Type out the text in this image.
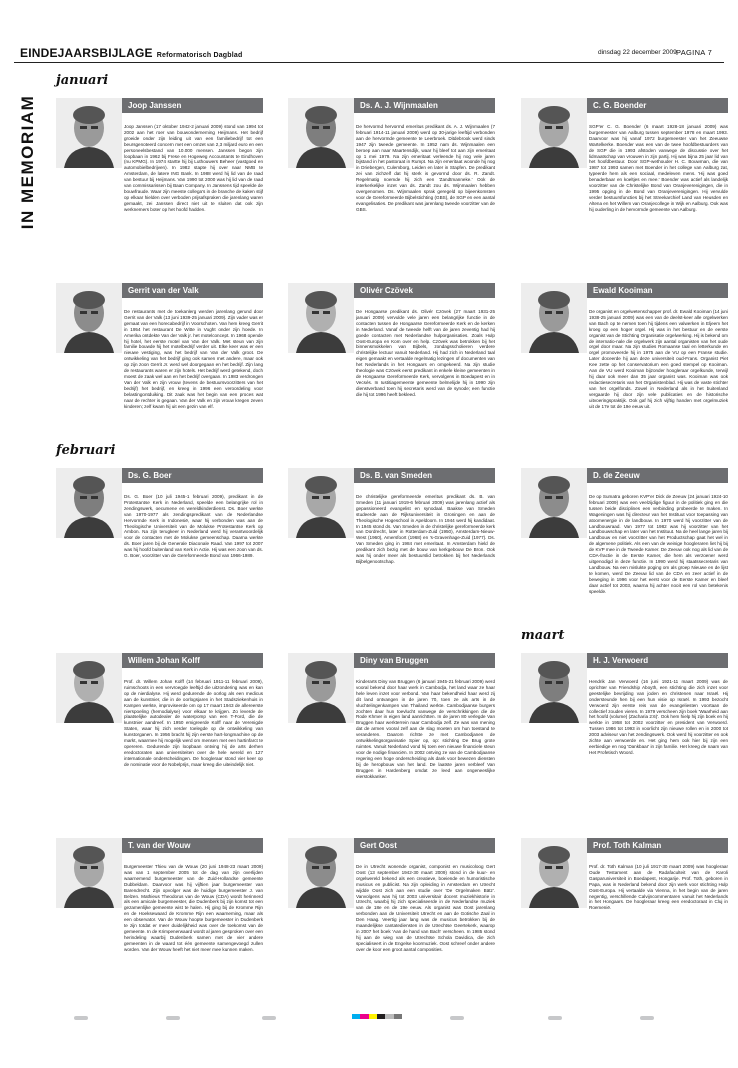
EINDEJAARSBIJLAGE Reformatorisch Dagblad	dinsdag 22 december 2009 PAGINA 7
IN MEMORIAM
januari
februari
maart
Joop Janssen
Joop Janssen (17 oktober 1942-2 januari 2009) stond van 1994 tot 2002 aan het roer van bouwonderneming Heijmans. Het bedrijf groeide onder zijn leiding uit van een familiebedrijf tot een beursgenoteerd concern met een omzet van 2,3 miljard euro en een personeelsbestand van 10.000 mensen. Janssen begon zijn loopbaan in 1962 bij Frese en Hogeweg Accountants te Eindhoven (nu KPMG). In 1974 startte hij bij Luthouwers Beheer (vastgoed en automobielbedrijven). In 1982 stapte hij over naar NMB te Amsterdam, de latere ING Bank. In 1988 werd hij lid van de raad van bestuur bij Heijmans. Van 1990 tot 2000 was hij lid van de raad van commissarissen bij Baan Company. In Janssens tijd speelde de bouwfraude. Waar zijn meeste collega's in de branche de kaken stijf op elkaar hielden over verboden prijsafspraken die jarenlang waren gemaakt, zei Janssen direct niet uit te sluiten dat ook zijn werknemers boter op het hoofd hadden.
Ds. A. J. Wijnmaalen
De hervormd hervormd emeritus predikant ds. A. J. Wijnmaalen (7 februari 1914-11 januari 2009) werd op 30-jarige leeftijd verbonden aan de hervormde gemeente te Leerbroek. Ditdebrook werd sinds 1947 zijn tweede gemeente. In 1952 nam ds. Wijnmaalen een beroep aan naar Maartensdijk, waar hij bleef tot aan zijn emeritaat op 1 mei 1979. Na zijn emeritaat verleende hij nog vele jaren bijstand in het pastoraat in Rumpt. Na zijn emeritaat woonde hij nog in Driebergen, Culemborg, Leiden en later in Stapfen. De predikant zei van zichzelf dat hij sterk is gevormd door ds. R. Zandt. Regelmatig noemde hij zich een 'Zandtmanneke.' Ook de interkerkelijke inzet van ds. Zandt zou ds. Wijnmaalen hebben overgenomen. Ds. Wijnmaalen sprak geregeld op bijeenkomsten voor de Gereformeerde Bijbelstichting (GBS), de SGP en een aantal evangelisaties. De predikant was jarenlang tweede voorzitter van de GBS.
C. G. Boender
SGP'er C. G. Boender (6 maart 1928-18 januari 2009) was burgemeester van Aalburg tussen september 1978 en maart 1993. Daarvoor was hij vanaf 1972 burgemeester van het Zeeuwse Wartelkerke. Boender was een van de twee hoofdbestuurders van de SGP die in 1993 afstoden vanwege de discussie over het lidmaatschap van vrouwen in zijn partij. Hij was bijna 25 jaar lid van het hoofdbestuur. Door SGP-wethouder H. C. Bouwman, die van 1987 tot 1993 samen met Boender in het college van Aalburg zat, typeerde hem als een sociaal, medeleven mens. 'Hij was goed benaderbaar en koeltjes en mee.' Boender was actief als landelijk voorzitter van de Christelijke Bond van Oranjeverenigingen, die in 1995 opging in de Bond van Oranjeverenigingen. Hij vervulde verder bestuursfuncties bij het Streekarchief Land van Heusden en Altena en het Willem van Oranjecollege in Wijk en Aalburg. Ook was hij ouderling in de hervormde gemeente van Aalburg.
Gerrit van der Valk
De restaurants met de toekanlerg werden jarenlang gerund door Gerrit van der Valk (13 juni 1939-25 januari 2009). Zijn vader was er gemaat van een horecabedrijf in Voorschoten. Van hem kreeg Gerrit in 1954 het restaurant De Witte in Vught onder zijn hoede. In Amerika ontdekte Van der Valk jr. het motelconcept. In 1968 opende hij hotel, het eerste motel van Van der Valk. Met steun van zijn familie bouwde hij het motelbedrijf verder uit. Elke keer was er een nieuwe vestiging, was het bedrijf van Van der Valk groot. De ontwikkeling van het bedrijf ging ook samen met andere, maar ook op zijn zoon Gerrit Jr. werd wel doorgegaan en het bedrijf. Zijn lang de restaurants waren er zijn hotels. Het bedrijf werd getekend, doch moest de zaak wel aan en het bedrijf overgaan. In 1983 verdrongen Van der Valk en zijn vrouw (tevens de bestuursvoorzitters van het bedrijf) het bedrijf, en kreeg in 1996 een veroordeling voor belastingontduiking. Dit zaak was het begin van een proces wat naar de rechter is gegaan. Van der Valk en zijn vrouw kregen zeven kinderen; zelf kwam hij uit een gezin van elf.
Olivér Czövek
De Hongaarse predikant ds. Olivér Czövek (27 maart 1931-25 januari 2009) vervulde vele jaren een belangrijke functie in de contacten tussen de Hongaarse Gereformeerde Kerk en de kerken in Nederland. Vanaf de tweede helft van de jaren zeventig had hij goede contacten met Nederlandse hulporganisaties. Zoals Hulp Oost-Europa en Kom over en help. Czövek was betrokken bij het binnensmokkelen van Bijbels, zondagsscholieren verdere christelijke lectuur vanuit Nederland. Hij had zich in Nederland taal eigen gemaakt en vertaalde regelmatig lezingen of documenten van het Nederlands in het Hongaars en omgekeerd. Na zijn studie theologie was Czövek eerst predikant in enkele kleine gemeenten in de Hongaarse Gereformeerde Kerk, vervolgens in Boedapest en in Vecsés. In Iustitiagemeente gemeente belmelijde hij in 1990 zijn dienstverband toen hij secretaris werd van de synode; een functie die hij tot 1996 heeft bekleed.
Ewald Kooiman
De organist en orgelwetenschapper prof. dr. Ewald Kooiman (14 juni 1938-25 januari 2009) was een van de deelst-keer alle orgelwerken van Bach op te nemen toen hij tijdens een valwerken in Eljeem het kroeg op een hoger orgel. Hij was in het bestuur en de eerste organist van de Stichting Organisatie orgelwerking. Hij is bekend om de internatio-nale die orgelwerk zijn aantal organisten van het oude orgel door maar. Na zijn studies Romaanse taal en letterkunde en orgel promoveerde hij in 1975 aan de VU op een Franse studie. Later doceerde hij aan deze universiteit oud-Frans. Organist Piet Kee zette op het conservatorium een goed stempel op Kooiman. Aan de VU werd Kooiman bijzonder hoogleraar orgelkunde, terwijl hij daar ook meer dan 35 jaar organist was. Kooiman was ook redactiesecretaris van het Organistenblad. Hij was de vaste stichter van het orgelfonds. Zowel in Nederland als in het buitenland vergaarde hij door zijn vele publicaties en de historische uitvoeringspraktijk. Ook gaf hij zich vijftig handen met orgelmuziek uit de 17e tot de 19e eeuw uit.
Ds. G. Boer
Ds. G. Boer (10 juli 1945-1 februari 2009), predikant in de Protestantse Kerk in Nederland, speelde een belangrijke rol in zendingswerk, oecumene en wereldkinderdienst. Ds. Boer werkte van 1970-1977 als zendingspredikant van de Nederlandse Hervormde Kerk in Indonesië, waar hij verbonden was aan de Theologische Universiteit van de Molukse Protestantse Kerk op Ambon. Na zijn terugkeer in Nederland werd hij verantwoordelijk voor de contacten met de Molukse gemeenschap. Daarna werkte ds. Boer jaren bij de Generale Diaconale Raad. Van 1997 tot 2007 was hij hoofd buitenland van Kerk in Actie. Hij was een zoon van ds. G. Boer, voorzitter van de Gereformeerde Bond van 1966-1989.
Ds. B. van Smeden
De christelijke gereformeerde emeritus predikant ds. B. van Smeden (11 januari 1919-6 februari 2009) was jarenlang actief als gepassioneerd evangelist en synodaal. Baakse van Smeden studeerde aan de Rijksuniversiteit in Groningen en aan de Theologische Hogeschool in Apeldoorn. In 1944 werd hij kandidaat. In 1945 stond ds. Van Smeden in de christelijke gereformeerde kerk van Dordrecht, later in Rotterdam-Zuid (1950), Amsterdam-Nieuw-West (1960), Amersfoort (1968) en 's-Gravenhage-Zuid (1977). Ds. Van Smeden ging in 1984 met emeritaat. In Amsterdam hield de predikant zich bezig met de bouw van kerkgebouw De Bron. Ook was hij onder meer als bestuurslid betrokken bij het Nederlands Bijbelgenootschap.
D. de Zeeuw
De op Sumatra geboren KVP'er Dick de Zeeuw (24 januari 1924-10 februari 2009) was een veelzijdige figuur in de politiek ging en die tussen beide disciplines een verbinding probeerde te maken. In Wageningen was hij directeur van het Instituut voor toepassing van atoomenergie in de landbouw. In 1970 werd hij voorzitter van de Landbouwraad. Van 1977 tot 1982 was hij voorzitter van het Landbouwschap en later van het Instituut. Na de heel lange jaren bij Landbouw en niet voorzitter van het Productschap gaat het wel in de algemene politiek. Als een van de weinige hoogleraren liet hij bij de KVP mee in de Tweede Kamer. De Zeeuw ook nog als lid van de CDA-fractie in de Eerste Kamer, die hem als verzoener werd uitgenodigd in deze functie. In 1990 werd hij staatssecretaris van Landbouw. Na een mislukte poging om als groep Nieuwe en de lijst te komen, werd De Zeeuw lid van de CDA en zeer actief in de beweging in 1996 voor het eerst voor de Eerste Kamer en bleef daar actief tot 2003, waarna hij achter nooit een rol van betekenis speelde.
Willem Johan Kolff
Prof. dr. Willem Johan Kolff (14 februari 1911-11 februari 2009), ruimschoots in een vervroegde leeftijd die uitzondering was en kan op de nierdialyse. Hij werd gedurende de oorlog als een medicus aan de kunstnier, die in de oorlogsjaren in het Stadsziekenhuis in Kampen werkte, improviseerde om op 17 maart 1943 de allereerste nierspoeling (hemodialyse) voor elkaar te krijgen. Zo leverde de plaatselijke autodealer de waterpomp van een T-Ford, die de kunstnier aandreef. In 1950 emigreerde Kolff naar de Verenigde Staten, waar hij zich verder toelegde op de ontwikkeling van kunstorganen. In 1956 bracht hij zijn eerste hart-longmachine op de markt, waarmee hij mogelijk werd om mensen met een hartinfarct te opereren. Gedurende zijn loopbaan ontving hij de arts derhen eredoctoraten aan universiteiten over de hele wereld en 127 internationale onderscheidingen. De hoogleraar stond vier keer op de nominatie voor de Nobelprijs, maar kreeg die uiteindelijk niet.
Diny van Bruggen
Kinderarts Diny van Bruggen (6 januari 1945-21 februari 2009) werd vooral bekend door haar werk in Cambodja, het land waar ze haar hele leven inzet voor verbond. Van haar bekendheid haar werd zij dit land ontvangen in de jaren 70, toen ze als arts in de vluchtelingenkampen van Thailand werkte. Cambodjaanse burgers zochten daar hun toevlucht vanwege de verschrikkingen die de Rode Khmer in eigen land aanrichtten. In de jaren 80 verlegde Van Bruggen haar werkterrein naar Cambodja zelf. Ze was van mening dat de armen vooral zelf aan de slag moeten om hun toestand te veranderen. Daarom richtte ze met Cambodjanen de ontwikkelingsorganisatie Spier op, op: stichting De Brug grote ruimtes. Vanuit Nederland vond hij toen een nieuwe financiele steun voor de nodige financiën. In 2002 ontving ze van de Cambodjaanse regering een hoge onderscheiding als dank voor bewezen diensten bij de heropbouw van het land. De laatste jaren verbleef Van Bruggen in Hardenberg omdat ze leed aan ongeneeslijke eierstokkanker.
H. J. Verwoerd
Hendrik Jan Verwoerd (16 juni 1921-11 maart 2009) was de oprichter van Friendship Aboyth, een stichting die zich inzet voor geestelijke bevrijding van joden en christenen naar Israël. Hij ondersteunde hen bij een hun visie op Israël. In 1993 bezocht Verwoerd zijn eerste reis van de evangeliesten voortaan de collectief zouden vieren. In 1979 verscheen zijn boek 'Waarheid aan het hoofd (volume) (Zacharia 2:6)'. Ook hem hielp hij zijn boek en hij werkte in 1958 tot 2002 voorzitter en president van Verwoerd. Tussen 1986 tot 1993 in voorlicht zijn nieuwe rollen en in 2000 tot 2003 adviseur van het zendingswerk. Ook werd hij voorzitter en ook zichte aan verwoerde en. Het ging hem ook hier bij zijn een eerbiedige en nog 'Dankbaar' in zijn familie. Het kreeg de naam van Het Profetisch Woord.
T. van der Wouw
Burgemeester Thieu van de Wouw (20 juni 1948-23 maart 2009) was van 1 september 2005 tot de dag van zijn overlijden waarnemend burgemeester van de Zuid-Hollandse gemeente Dubbeldam. Daarvoor was hij vijftien jaar burgemeester van Barendrecht. Zijn opvolger was de huidige burgemeester J. van Belzen. Mathieus Theodorus van de Wouw (CDA) wordt herinnerd als een amicale burgemeester, die Dudenberk bij zijn komst tot een gezamenlijke gemeente wist te halen. Hij ging bij de Kromme Rijn en de Hoeksewaard de Kromme Rijn een waarneming, maar als een observator. Van de Wouw hoopte burgemeester in Dudenberk te zijn totdat er meer duidelijkheid was over de toekomst van de gemeente. In de Krimpenerwaard wordt al jaren gesproken over een herindeling waarbij Dudenberk samen met de vier andere gemeenten in de waard tot één gemeente samengevoegd zullen worden. Van der Wouw heeft het niet meer mee kunnen maken.
Gert Oost
De in Utrecht wonende organist, componist en musicoloog Gert Oost (13 september 1942-30 maart 2009) stond in de kuur- en orgelwereld bekend als een creatieve, boeiende en humoristische musicus en publicist. Na zijn opleiding in Amsterdam en Utrecht wijdde Oost zich aan een studie over 'De Orgelmaken Bätz'. Vanvolgens was hij tot 2003 universitair docent muziekhistorie in Utrecht, waarbij hij zich specialiseerde in de Nederlandse muziek van de 18e en de 19e eeuw. Als organist was Oost jarenlang verbonden aan de Universiteit Utrecht en aan de Gotische Zaal in Den Haag. Veertig jaar lang was de musicus betrokken bij de maandelijkse cantatediensten in de Utrechtse Geertekerk, waarop in 2007 het boek 'Aan de hand van Bach' verscheen. In 1985 stond hij aan de wieg van de Utrechtse Schola Davidica, die zich specialiseert in de Engelse koormuziek. Oost schreef onder andere over de koor een groot aantal composities.
Prof. Toth Kalman
Prof. dr. Toth Kalman (10 juli 1917-30 maart 2009) was hoogleraar Oude Testament aan de Radafaculteit van de Karoli Gasparuniversiteit in Boedapest, Hongarije. Prof. Toth, geboren in Papa, was in Nederland bekend door zijn werk voor stichting Hulp Oost-Europa. Hij vertaalde via Vienna, in het begin van de jaren negentig, verschillende Calvijncommentaren vanuit het Nederlands in het Hongaars. De hoogleraar kreeg een eredoctoraat in Cluj in Roemenië.
